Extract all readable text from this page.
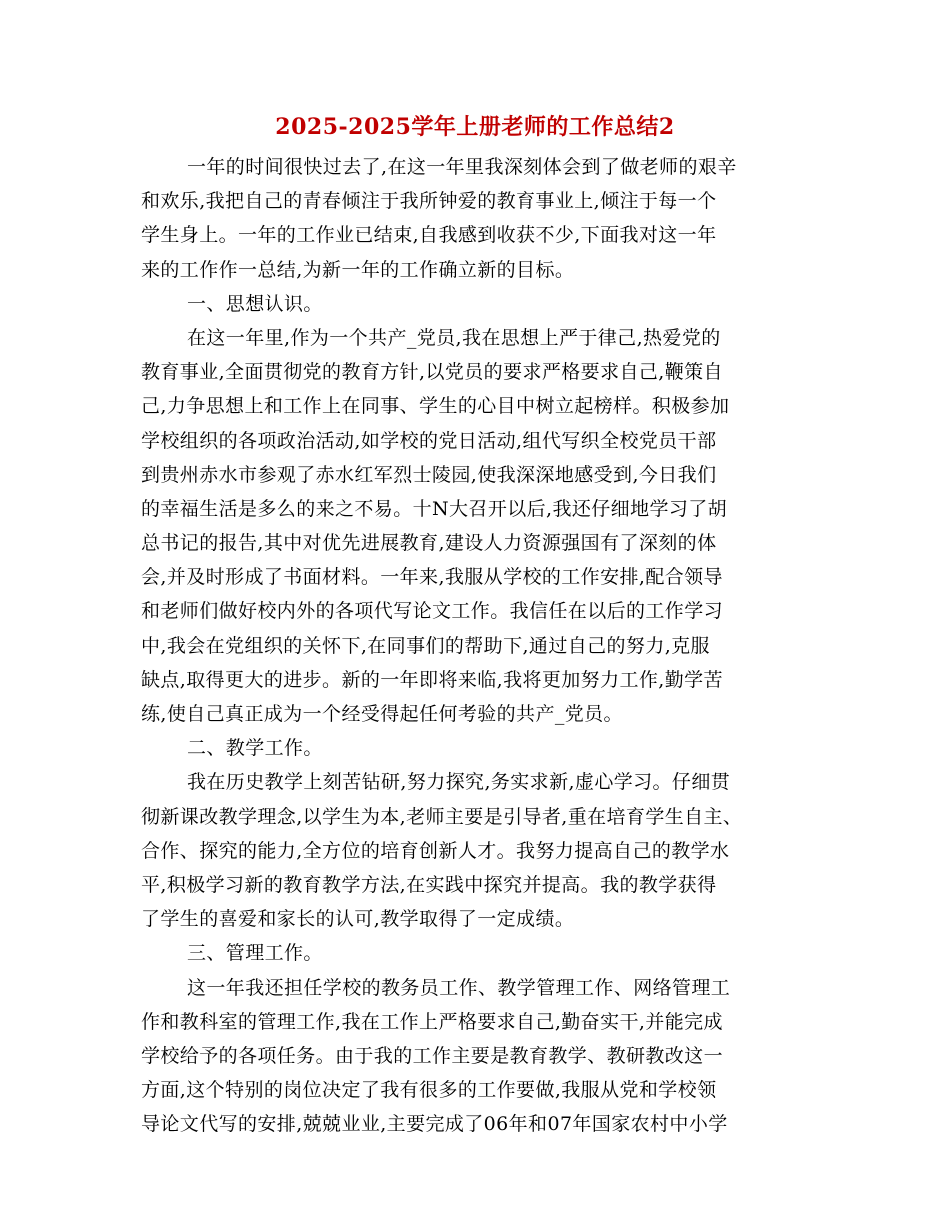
2025-2025学年上册老师的工作总结2
一年的时间很快过去了,在这一年里我深刻体会到了做老师的艰辛
和欢乐,我把自己的青春倾注于我所钟爱的教育事业上,倾注于每一个
学生身上。一年的工作业已结束,自我感到收获不少,下面我对这一年
来的工作作一总结,为新一年的工作确立新的目标。
一、思想认识。
在这一年里,作为一个共产_党员,我在思想上严于律己,热爱党的
教育事业,全面贯彻党的教育方针,以党员的要求严格要求自己,鞭策自
己,力争思想上和工作上在同事、学生的心目中树立起榜样。积极参加
学校组织的各项政治活动,如学校的党日活动,组代写织全校党员干部
到贵州赤水市参观了赤水红军烈士陵园,使我深深地感受到,今日我们
的幸福生活是多么的来之不易。十N大召开以后,我还仔细地学习了胡
总书记的报告,其中对优先进展教育,建设人力资源强国有了深刻的体
会,并及时形成了书面材料。一年来,我服从学校的工作安排,配合领导
和老师们做好校内外的各项代写论文工作。我信任在以后的工作学习
中,我会在党组织的关怀下,在同事们的帮助下,通过自己的努力,克服
缺点,取得更大的进步。新的一年即将来临,我将更加努力工作,勤学苦
练,使自己真正成为一个经受得起任何考验的共产_党员。
二、教学工作。
我在历史教学上刻苦钻研,努力探究,务实求新,虚心学习。仔细贯
彻新课改教学理念,以学生为本,老师主要是引导者,重在培育学生自主、
合作、探究的能力,全方位的培育创新人才。我努力提高自己的教学水
平,积极学习新的教育教学方法,在实践中探究并提高。我的教学获得
了学生的喜爱和家长的认可,教学取得了一定成绩。
三、管理工作。
这一年我还担任学校的教务员工作、教学管理工作、网络管理工
作和教科室的管理工作,我在工作上严格要求自己,勤奋实干,并能完成
学校给予的各项任务。由于我的工作主要是教育教学、教研教改这一
方面,这个特别的岗位决定了我有很多的工作要做,我服从党和学校领
导论文代写的安排,兢兢业业,主要完成了06年和07年国家农村中小学
